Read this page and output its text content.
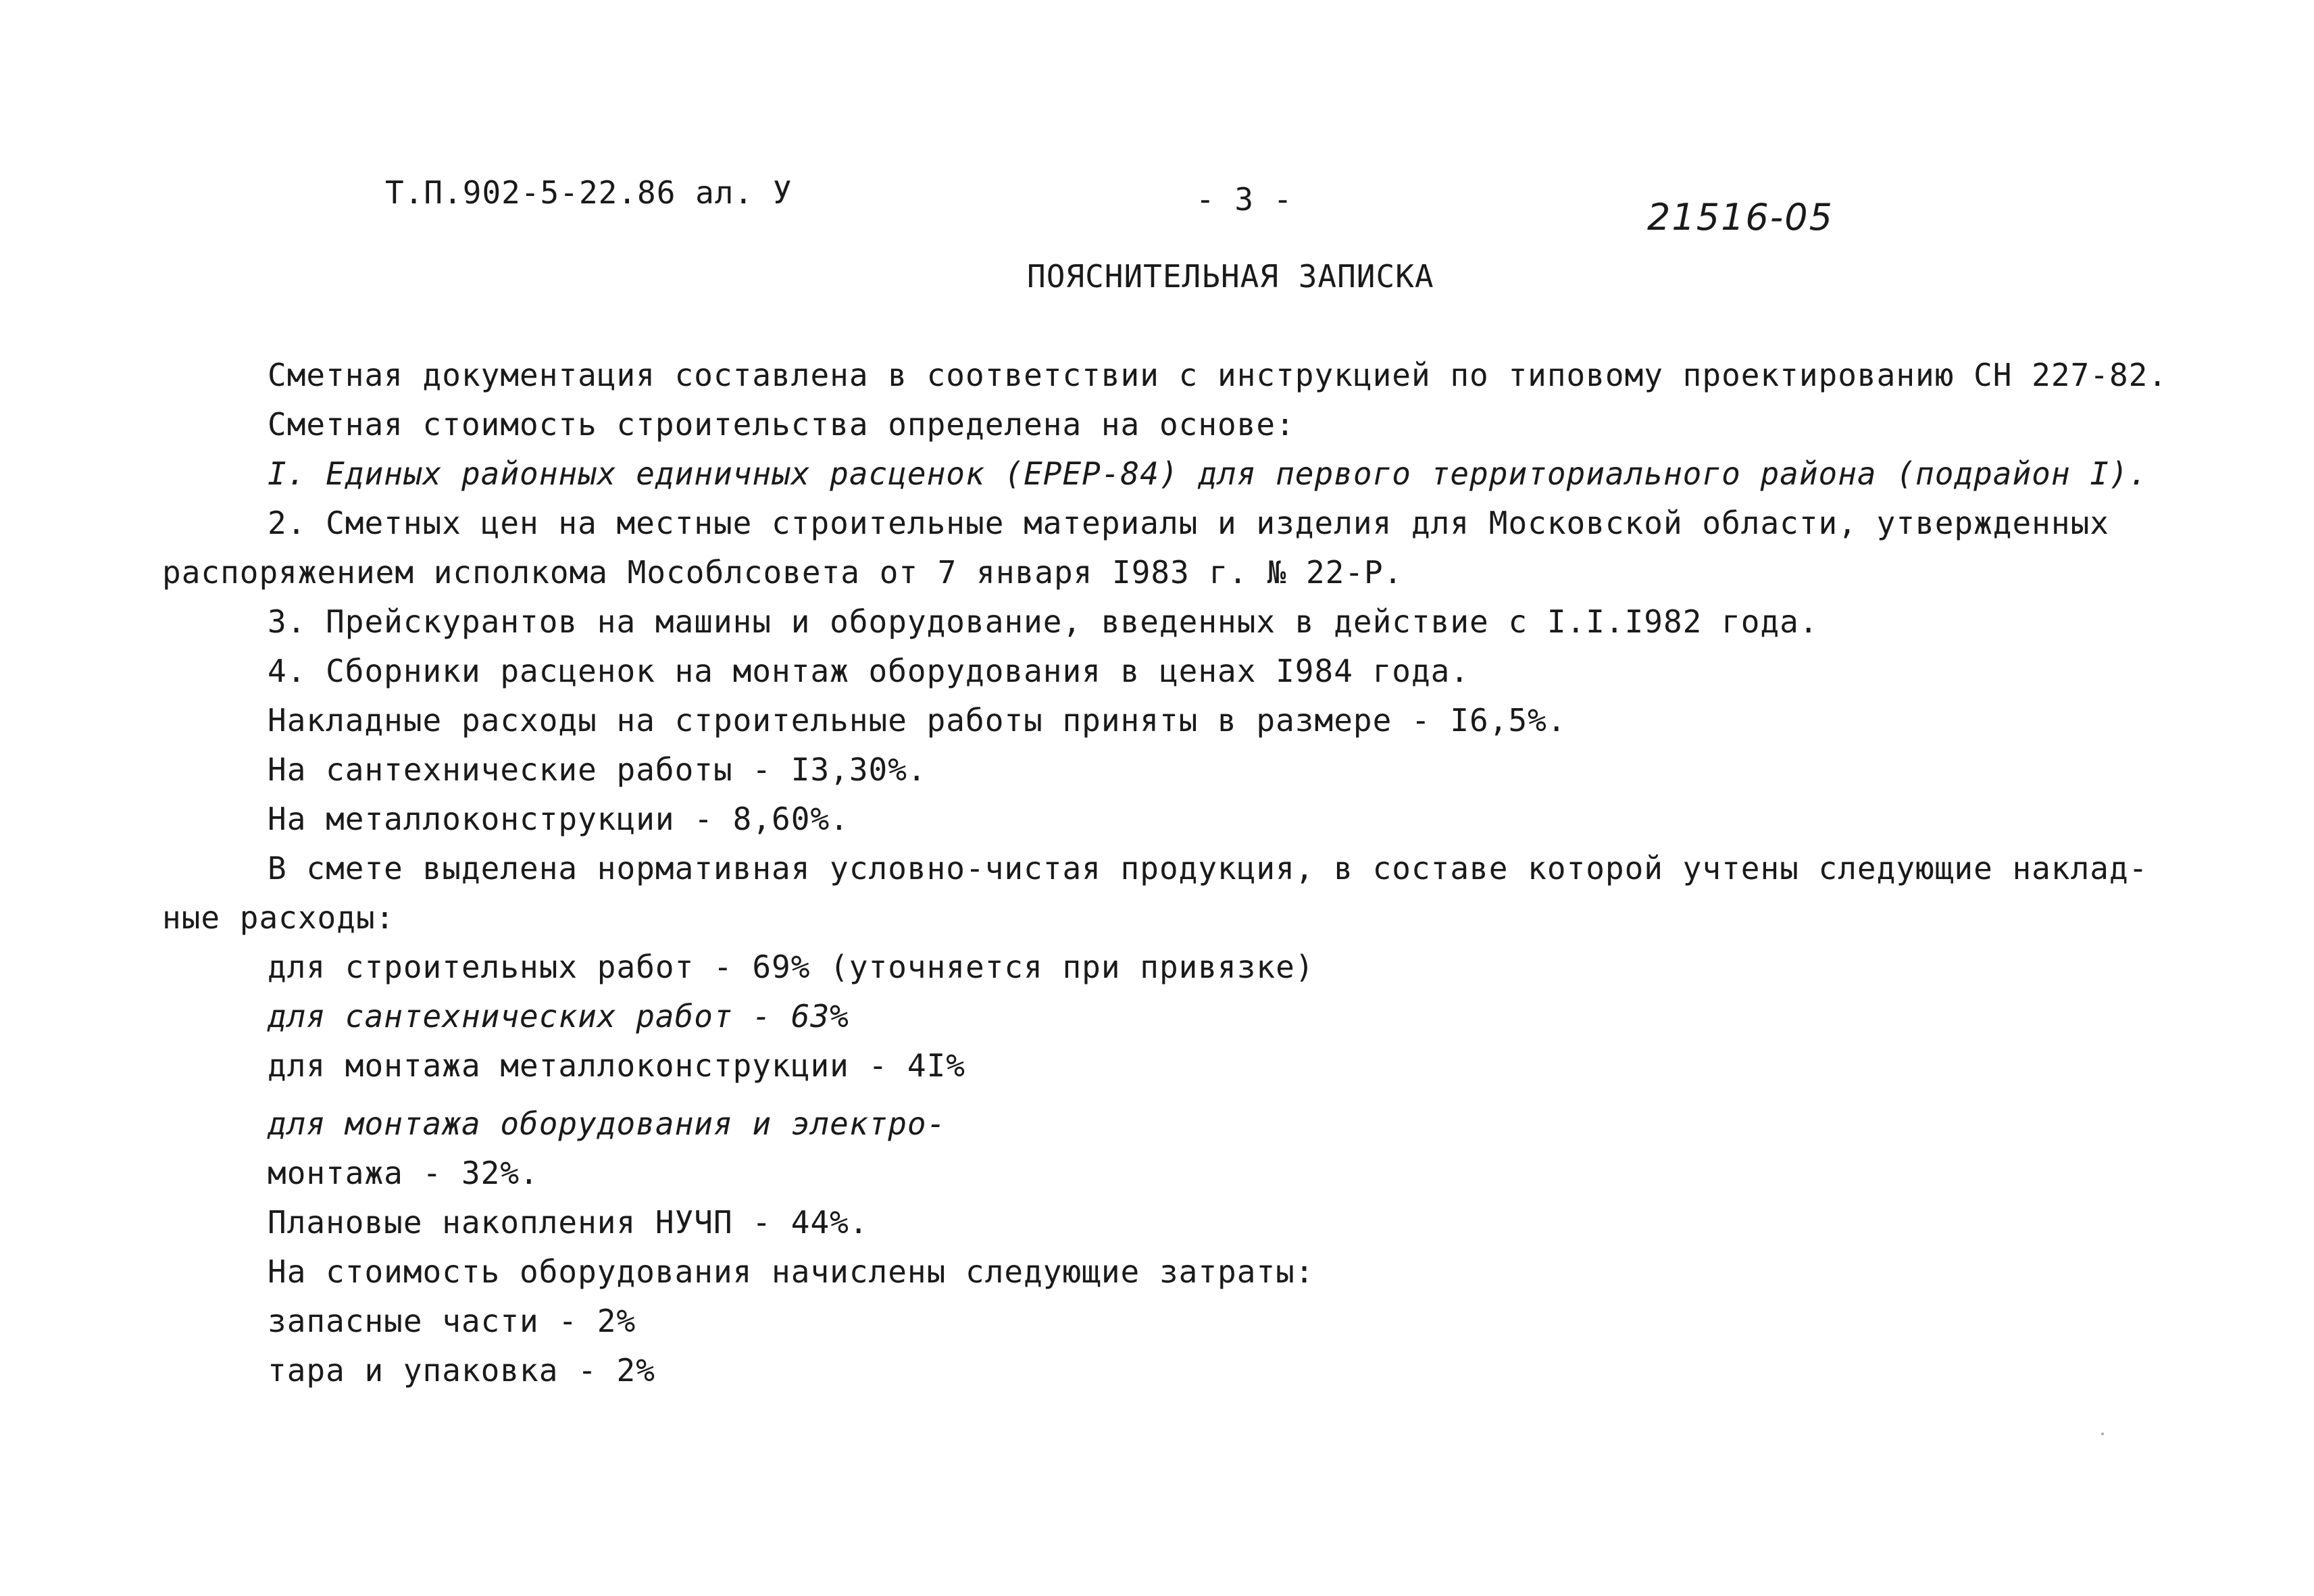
Т.П.902-5-22.86 ал. У	- 3 -	21516-05
ПОЯСНИТЕЛЬНАЯ ЗАПИСКА
Сметная документация составлена в соответствии с инструкцией по типовому проектированию СН 227-82.
Сметная стоимость строительства определена на основе:
I. Единых районных единичных расценок (ЕРЕР-84) для первого территориального района (подрайон I).
2. Сметных цен на местные строительные материалы и изделия для Московской области, утвержденных
распоряжением исполкома Мособлсовета от 7 января I983 г. № 22-Р.
3. Прейскурантов на машины и оборудование, введенных в действие с I.I.I982 года.
4. Сборники расценок на монтаж оборудования в ценах I984 года.
Накладные расходы на строительные работы приняты в размере - I6,5%.
На сантехнические работы - I3,30%.
На металлоконструкции - 8,60%.
В смете выделена нормативная условно-чистая продукция, в составе которой учтены следующие наклад-
ные расходы:
для строительных работ - 69% (уточняется при привязке)
для сантехнических работ - 63%
для монтажа металлоконструкции - 4I%
для монтажа оборудования и электро-
монтажа - 32%.
Плановые накопления НУЧП - 44%.
На стоимость оборудования начислены следующие затраты:
запасные части - 2%
тара и упаковка - 2%
